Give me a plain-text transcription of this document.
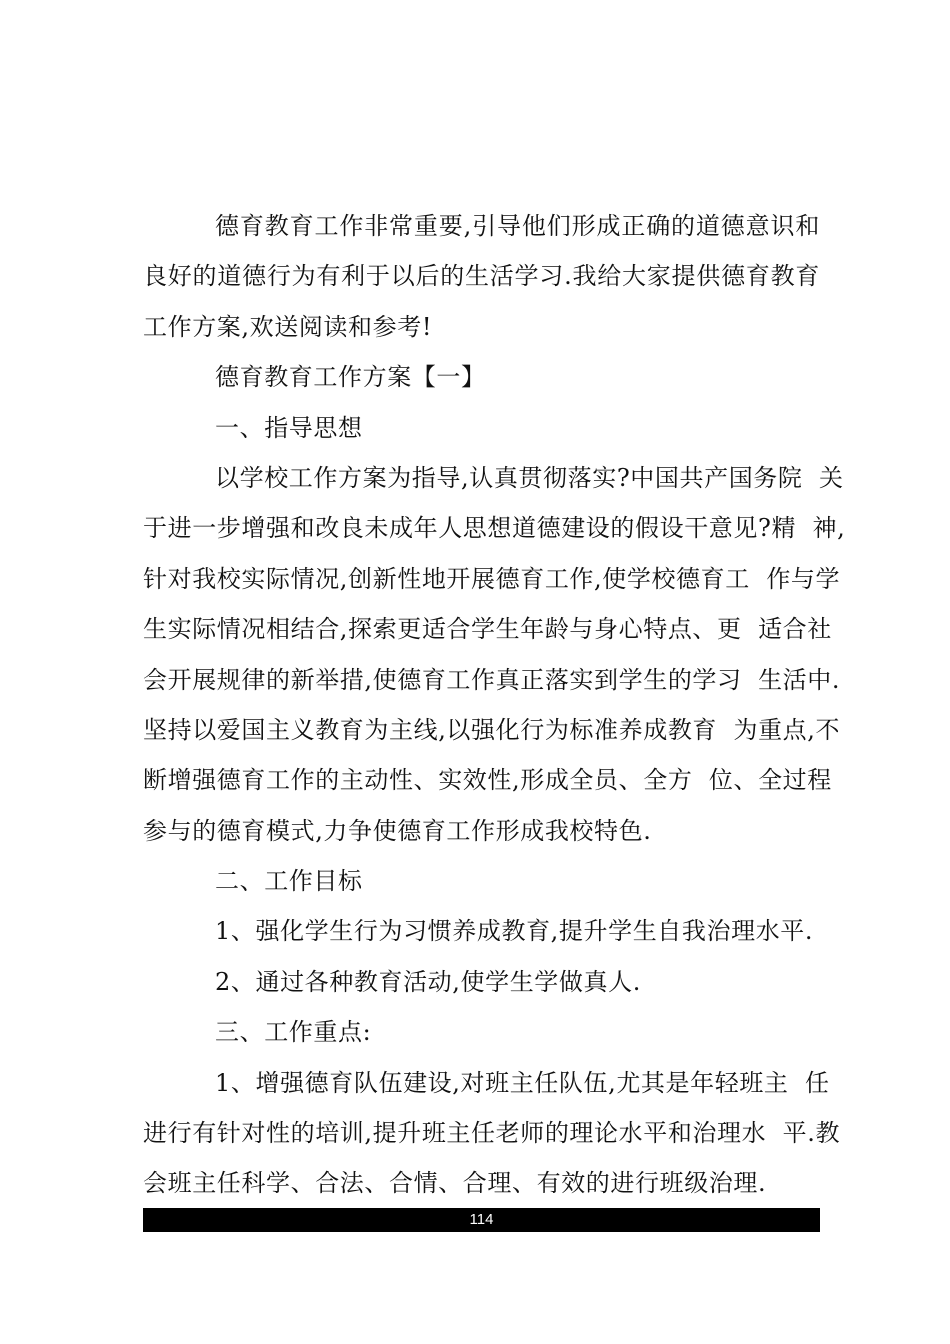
德育教育工作非常重要,引导他们形成正确的道德意识和
良好的道德行为有利于以后的生活学习.我给大家提供德育教育
工作方案,欢送阅读和参考!
德育教育工作方案【一】
一、指导思想
以学校工作方案为指导,认真贯彻落实?中国共产国务院  关
于进一步增强和改良未成年人思想道德建设的假设干意见?精  神,
针对我校实际情况,创新性地开展德育工作,使学校德育工  作与学
生实际情况相结合,探索更适合学生年龄与身心特点、更  适合社
会开展规律的新举措,使德育工作真正落实到学生的学习  生活中.
坚持以爱国主义教育为主线,以强化行为标准养成教育  为重点,不
断增强德育工作的主动性、实效性,形成全员、全方  位、全过程
参与的德育模式,力争使德育工作形成我校特色.
二、工作目标
1、强化学生行为习惯养成教育,提升学生自我治理水平.
2、通过各种教育活动,使学生学做真人.
三、工作重点:
1、增强德育队伍建设,对班主任队伍,尤其是年轻班主  任
进行有针对性的培训,提升班主任老师的理论水平和治理水  平.教
会班主任科学、合法、合情、合理、有效的进行班级治理.
114
